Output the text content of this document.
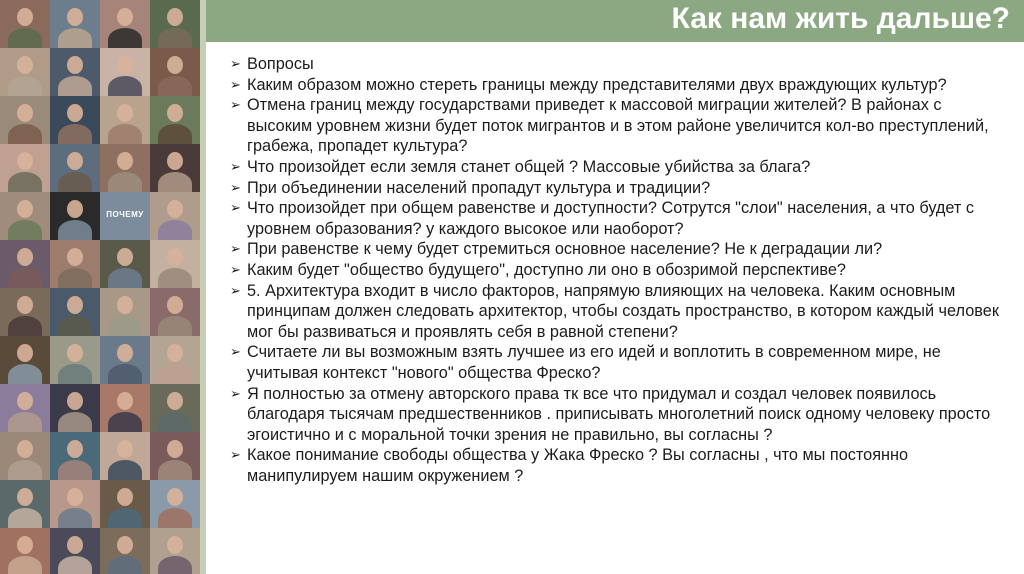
ПОЧЕМУ
Как нам жить дальше?
➢ Вопросы
➢ Каким образом можно стереть границы между представителями двух враждующих культур?
➢ Отмена границ между государствами приведет к массовой миграции жителей? В районах с высоким уровнем жизни будет поток мигрантов и в этом районе увеличится кол-во преступлений, грабежа, пропадет культура?
➢ Что произойдет если земля станет общей ? Массовые убийства за блага?
➢ При объединении населений пропадут культура и традиции?
➢ Что произойдет при общем равенстве и доступности? Сотрутся "слои" населения, а что будет с уровнем образования? у каждого высокое или наоборот?
➢ При равенстве к чему будет стремиться основное население? Не к деградации ли?
➢ Каким будет "общество будущего", доступно ли оно в обозримой перспективе?
➢ 5. Архитектура входит в число факторов, напрямую влияющих на человека. Каким основным принципам должен следовать архитектор, чтобы создать пространство, в котором каждый человек мог бы развиваться и проявлять себя в равной степени?
➢ Считаете ли вы возможным взять лучшее из его идей и воплотить в современном мире, не учитывая контекст "нового" общества Фреско?
➢ Я полностью за отмену авторского права тк все что придумал и создал человек появилось благодаря тысячам предшественников . приписывать многолетний поиск одному человеку просто эгоистично и с моральной точки зрения не правильно, вы согласны ?
➢ Какое понимание свободы общества у Жака Фреско ? Вы согласны , что мы постоянно манипулируем нашим окружением ?
